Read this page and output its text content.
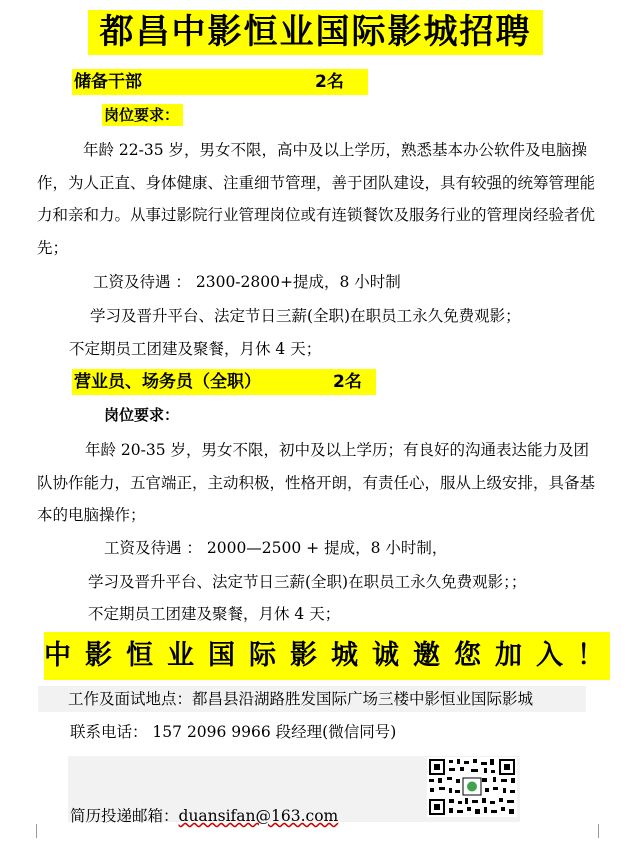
都昌中影恒业国际影城招聘
储备干部	2名
岗位要求：
年龄 22-35 岁，男女不限，高中及以上学历，熟悉基本办公软件及电脑操作，为人正直、身体健康、注重细节管理，善于团队建设，具有较强的统筹管理能力和亲和力。从事过影院行业管理岗位或有连锁餐饮及服务行业的管理岗经验者优先；
工资及待遇 ： 2300-2800+提成，8 小时制
学习及晋升平台、法定节日三薪(全职)在职员工永久免费观影；
不定期员工团建及聚餐，月休 4 天；
营业员、场务员（全职）	2名
岗位要求：
年龄 20-35 岁，男女不限，初中及以上学历；有良好的沟通表达能力及团队协作能力，五官端正，主动积极，性格开朗，有责任心，服从上级安排，具备基本的电脑操作；
工资及待遇 ： 2000—2500 + 提成，8 小时制，
学习及晋升平台、法定节日三薪(全职)在职员工永久免费观影；；
不定期员工团建及聚餐，月休 4 天；
中影恒业国际影城诚邀您加入！
工作及面试地点：都昌县沿湖路胜发国际广场三楼中影恒业国际影城
联系电话： 157 2096 9966 段经理(微信同号)
简历投递邮箱：duansifan@163.com
